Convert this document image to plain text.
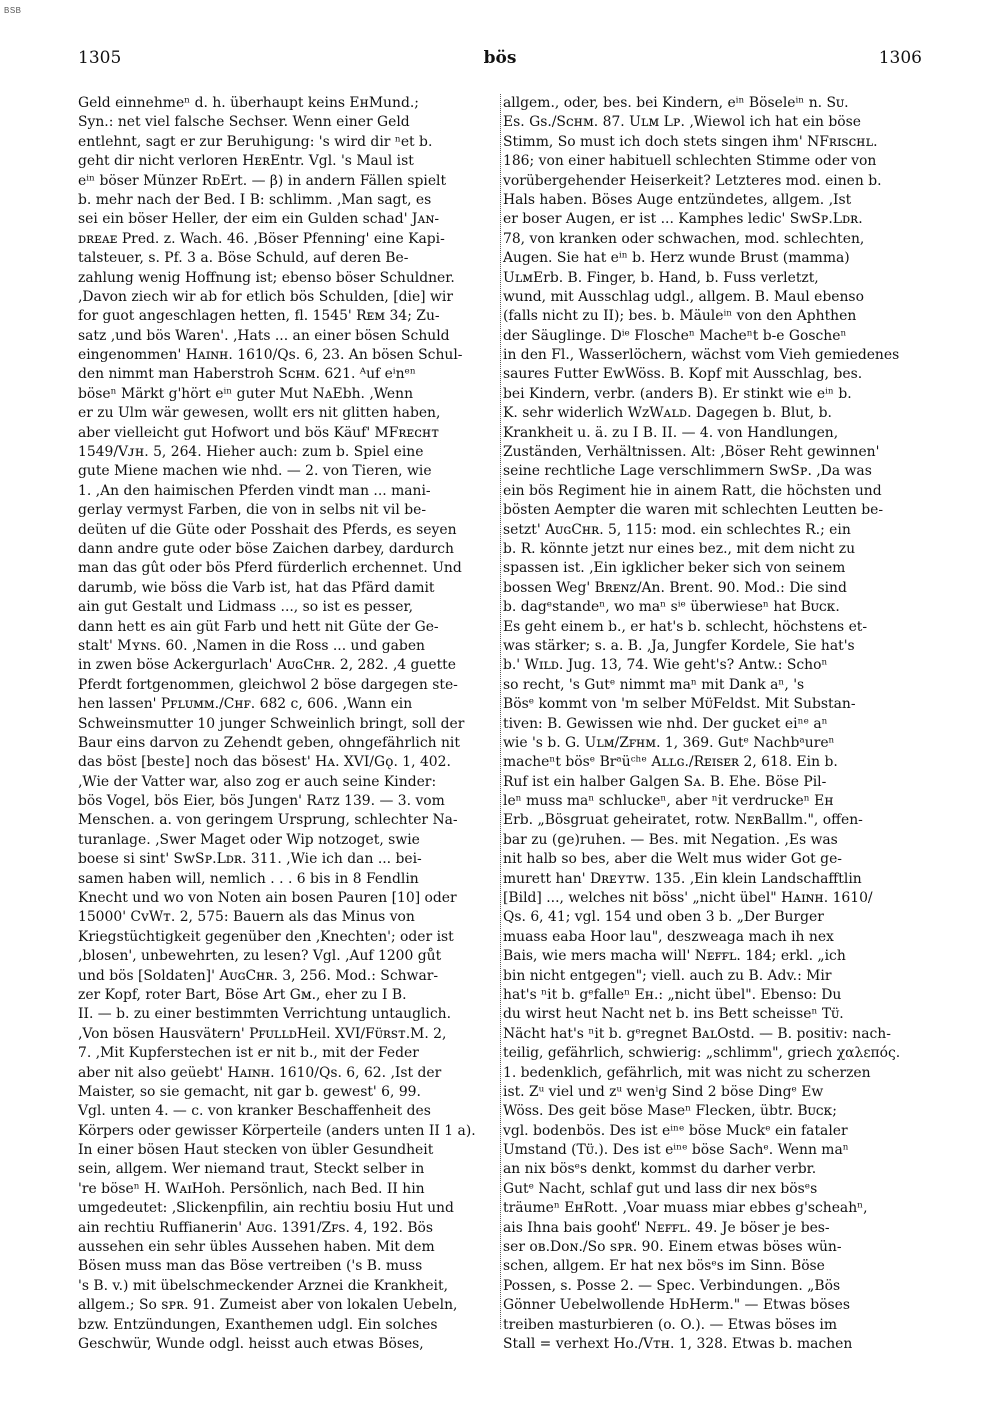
BSB
1305	bös	1306
Geld einnehmeⁿ d. h. überhaupt keins EʜMund.;
Syn.: net viel falsche Sechser. Wenn einer Geld
entlehnt, sagt er zur Beruhigung: 's wird dir ⁿet b.
geht dir nicht verloren HᴇʀEntr. Vgl. 's Maul ist
eⁱⁿ böser Münzer RᴅErt. — β) in andern Fällen spielt
b. mehr nach der Bed. I B: schlimm. ‚Man sagt, es
sei ein böser Heller, der eim ein Gulden schad' Jᴀɴ-
ᴅʀᴇᴀᴇ Pred. z. Wach. 46. ‚Böser Pfenning' eine Kapi-
talsteuer, s. Pf. 3 a. Böse Schuld, auf deren Be-
zahlung wenig Hoffnung ist; ebenso böser Schuldner.
‚Davon ziech wir ab for etlich bös Schulden, [die] wir
for guot angeschlagen hetten, fl. 1545' Rᴇᴍ 34; Zu-
satz ‚und bös Waren'. ‚Hats ... an einer bösen Schuld
eingenommen' Hᴀɪɴʜ. 1610/Qs. 6, 23. An bösen Schul-
den nimmt man Haberstroh Sᴄʜᴍ. 621. ᴬuf eⁱnᵉⁿ
böseⁿ Märkt g'hört eⁱⁿ guter Mut NᴀEbh. ‚Wenn
er zu Ulm wär gewesen, wollt ers nit glitten haben,
aber vielleicht gut Hofwort und bös Käuf' MFʀᴇᴄʜᴛ
1549/Vᴊʜ. 5, 264. Hieher auch: zum b. Spiel eine
gute Miene machen wie nhd. — 2. von Tieren, wie
1. ‚An den haimischen Pferden vindt man ... mani-
gerlay vermyst Farben, die von in selbs nit vil be-
deüten uf die Güte oder Posshait des Pferds, es seyen
dann andre gute oder böse Zaichen darbey, dardurch
man das gût oder bös Pferd fürderlich erchennet. Und
darumb, wie böss die Varb ist, hat das Pfärd damit
ain gut Gestalt und Lidmass ..., so ist es pesser,
dann hett es ain güt Farb und hett nit Güte der Ge-
stalt' Mʏɴs. 60. ‚Namen in die Ross ... und gaben
in zwen böse Ackergurlach' AᴜɢCʜʀ. 2, 282. ‚4 guette
Pferdt fortgenommen, gleichwol 2 böse dargegen ste-
hen lassen' Pꜰʟᴜᴍᴍ./Cʜꜰ. 682 c, 606. ‚Wann ein
Schweinsmutter 10 junger Schweinlich bringt, soll der
Baur eins darvon zu Zehendt geben, ohngefährlich nit
das böst [beste] noch das bösest' Hᴀ. XVI/Gǫ. 1, 402.
‚Wie der Vatter war, also zog er auch seine Kinder:
bös Vogel, bös Eier, bös Jungen' Rᴀᴛᴢ 139. — 3. vom
Menschen. a. von geringem Ursprung, schlechter Na-
turanlage. ‚Swer Maget oder Wip notzoget, swie
boese si sint' SwSᴘ.Lᴅʀ. 311. ‚Wie ich dan ... bei-
samen haben will, nemlich . . . 6 bis in 8 Fendlin
Knecht und wo von Noten ain bosen Pauren [10] oder
15000' CᴠWᴛ. 2, 575: Bauern als das Minus von
Kriegstüchtigkeit gegenüber den ‚Knechten'; oder ist
‚blosen', unbewehrten, zu lesen? Vgl. ‚Auf 1200 gůt
und bös [Soldaten]' AᴜɢCʜʀ. 3, 256. Mod.: Schwar-
zer Kopf, roter Bart, Böse Art Gᴍ., eher zu I B.
II. — b. zu einer bestimmten Verrichtung untauglich.
‚Von bösen Hausvätern' PꜰᴜʟʟᴅHeil. XVI/Fᴜ̈ʀsᴛ.M. 2,
7. ‚Mit Kupferstechen ist er nit b., mit der Feder
aber nit also geüebt' Hᴀɪɴʜ. 1610/Qs. 6, 62. ‚Ist der
Maister, so sie gemacht, nit gar b. gewest' 6, 99.
Vgl. unten 4. — c. von kranker Beschaffenheit des
Körpers oder gewisser Körperteile (anders unten II 1 a).
In einer bösen Haut stecken von übler Gesundheit
sein, allgem. Wer niemand traut, Steckt selber in
're böseⁿ H. WᴀɪHoh. Persönlich, nach Bed. II hin
umgedeutet: ‚Slickenpfilin, ain rechtiu bosiu Hut und
ain rechtiu Ruffianerin' Aᴜɢ. 1391/Zꜰs. 4, 192. Bös
aussehen ein sehr übles Aussehen haben. Mit dem
Bösen muss man das Böse vertreiben ('s B. muss
's B. v.) mit übelschmeckender Arznei die Krankheit,
allgem.; So sᴘʀ. 91. Zumeist aber von lokalen Uebeln,
bzw. Entzündungen, Exanthemen udgl. Ein solches
Geschwür, Wunde odgl. heisst auch etwas Böses,
allgem., oder, bes. bei Kindern, eⁱⁿ Böseleⁱⁿ n. Sᴜ.
Es. Gs./Sᴄʜᴍ. 87. Uʟᴍ Lᴘ. ‚Wiewol ich hat ein böse
Stimm, So must ich doch stets singen ihm' NFʀɪsᴄʜʟ.
186; von einer habituell schlechten Stimme oder von
vorübergehender Heiserkeit? Letzteres mod. einen b.
Hals haben. Böses Auge entzündetes, allgem. ‚Ist
er boser Augen, er ist ... Kamphes ledic' SwSᴘ.Lᴅʀ.
78, von kranken oder schwachen, mod. schlechten,
Augen. Sie hat eⁱⁿ b. Herz wunde Brust (mamma)
UʟᴍErb. B. Finger, b. Hand, b. Fuss verletzt,
wund, mit Ausschlag udgl., allgem. B. Maul ebenso
(falls nicht zu II); bes. b. Mäuleⁱⁿ von den Aphthen
der Säuglinge. Dⁱᵉ Floscheⁿ Macheⁿt b-e Goscheⁿ
in den Fl., Wasserlöchern, wächst vom Vieh gemiedenes
saures Futter EwWöss. B. Kopf mit Ausschlag, bes.
bei Kindern, verbr. (anders B). Er stinkt wie eⁱⁿ b.
K. sehr widerlich WᴢWᴀʟᴅ. Dagegen b. Blut, b.
Krankheit u. ä. zu I B. II. — 4. von Handlungen,
Zuständen, Verhältnissen. Alt: ‚Böser Reht gewinnen'
seine rechtliche Lage verschlimmern SwSᴘ. ‚Da was
ein bös Regiment hie in ainem Ratt, die höchsten und
bösten Aempter die waren mit schlechten Leutten be-
setzt' AᴜɢCʜʀ. 5, 115: mod. ein schlechtes R.; ein
b. R. könnte jetzt nur eines bez., mit dem nicht zu
spassen ist. ‚Ein igklicher beker sich von seinem
bossen Weg' Bʀᴇɴᴢ/An. Brent. 90. Mod.: Die sind
b. dagᵉstandeⁿ, wo maⁿ sⁱᵉ überwieseⁿ hat Bᴜᴄᴋ.
Es geht einem b., er hat's b. schlecht, höchstens et-
was stärker; s. a. B. ‚Ja, Jungfer Kordele, Sie hat's
b.' Wɪʟᴅ. Jug. 13, 74. Wie geht's? Antw.: Schoⁿ
so recht, 's Gutᵉ nimmt maⁿ mit Dank aⁿ, 's
Bösᵉ kommt von 'm selber Mᴜ̈Feldst. Mit Substan-
tiven: B. Gewissen wie nhd. Der gucket eiⁿᵉ aⁿ
wie 's b. G. Uʟᴍ/Zꜰʜᴍ. 1, 369. Gutᵉ Nachbᵃureⁿ
macheⁿt bösᵉ Brᵃüᶜʰᵉ Aʟʟɢ./Rᴇɪsᴇʀ 2, 618. Ein b.
Ruf ist ein halber Galgen Sᴀ. B. Ehe. Böse Pil-
leⁿ muss maⁿ schluckeⁿ, aber ⁿit verdruckeⁿ Eʜ
Erb. „Bösgruat geheiratet, rotw. NᴇʀBallm.", offen-
bar zu (ge)ruhen. — Bes. mit Negation. ‚Es was
nit halb so bes, aber die Welt mus wider Got ge-
murett han' Dʀᴇʏᴛᴡ. 135. ‚Ein klein Landschafftlin
[Bild] ..., welches nit böss' „nicht übel" Hᴀɪɴʜ. 1610/
Qs. 6, 41; vgl. 154 und oben 3 b. „Der Burger
muass eaba Hoor lau", deszweaga mach ih nex
Bais, wie mers macha will' Nᴇꜰꜰʟ. 184; erkl. „ich
bin nicht entgegen"; viell. auch zu B. Adv.: Mir
hat's ⁿit b. gᵉfalleⁿ Eʜ.: „nicht übel". Ebenso: Du
du wirst heut Nacht net b. ins Bett scheisseⁿ Tᴜ̈.
Nächt hat's ⁿit b. gᵉregnet BᴀʟOstd. — B. positiv: nach-
teilig, gefährlich, schwierig: „schlimm", griech χαλεπός.
1. bedenklich, gefährlich, mit was nicht zu scherzen
ist. Zᵘ viel und zᵘ wenⁱg Sind 2 böse Dingᵉ Ew
Wöss. Des geit böse Maseⁿ Flecken, übtr. Bᴜᴄᴋ;
vgl. bodenbös. Des ist eⁱⁿᵉ böse Muckᵉ ein fataler
Umstand (Tᴜ̈.). Des ist eⁱⁿᵉ böse Sachᵉ. Wenn maⁿ
an nix bösᵉs denkt, kommst du darher verbr.
Gutᵉ Nacht, schlaf gut und lass dir nex bösᵉs
träumeⁿ EʜRott. ‚Voar muass miar ebbes g'scheahⁿ,
ais Ihna bais goohť' Nᴇꜰꜰʟ. 49. Je böser je bes-
ser ᴏʙ.Dᴏɴ./So sᴘʀ. 90. Einem etwas böses wün-
schen, allgem. Er hat nex bösᵉs im Sinn. Böse
Possen, s. Posse 2. — Spec. Verbindungen. „Bös
Gönner Uebelwollende HᴅHerm." — Etwas böses
treiben masturbieren (o. O.). — Etwas böses im
Stall = verhext Hᴏ./Vᴛʜ. 1, 328. Etwas b. machen
